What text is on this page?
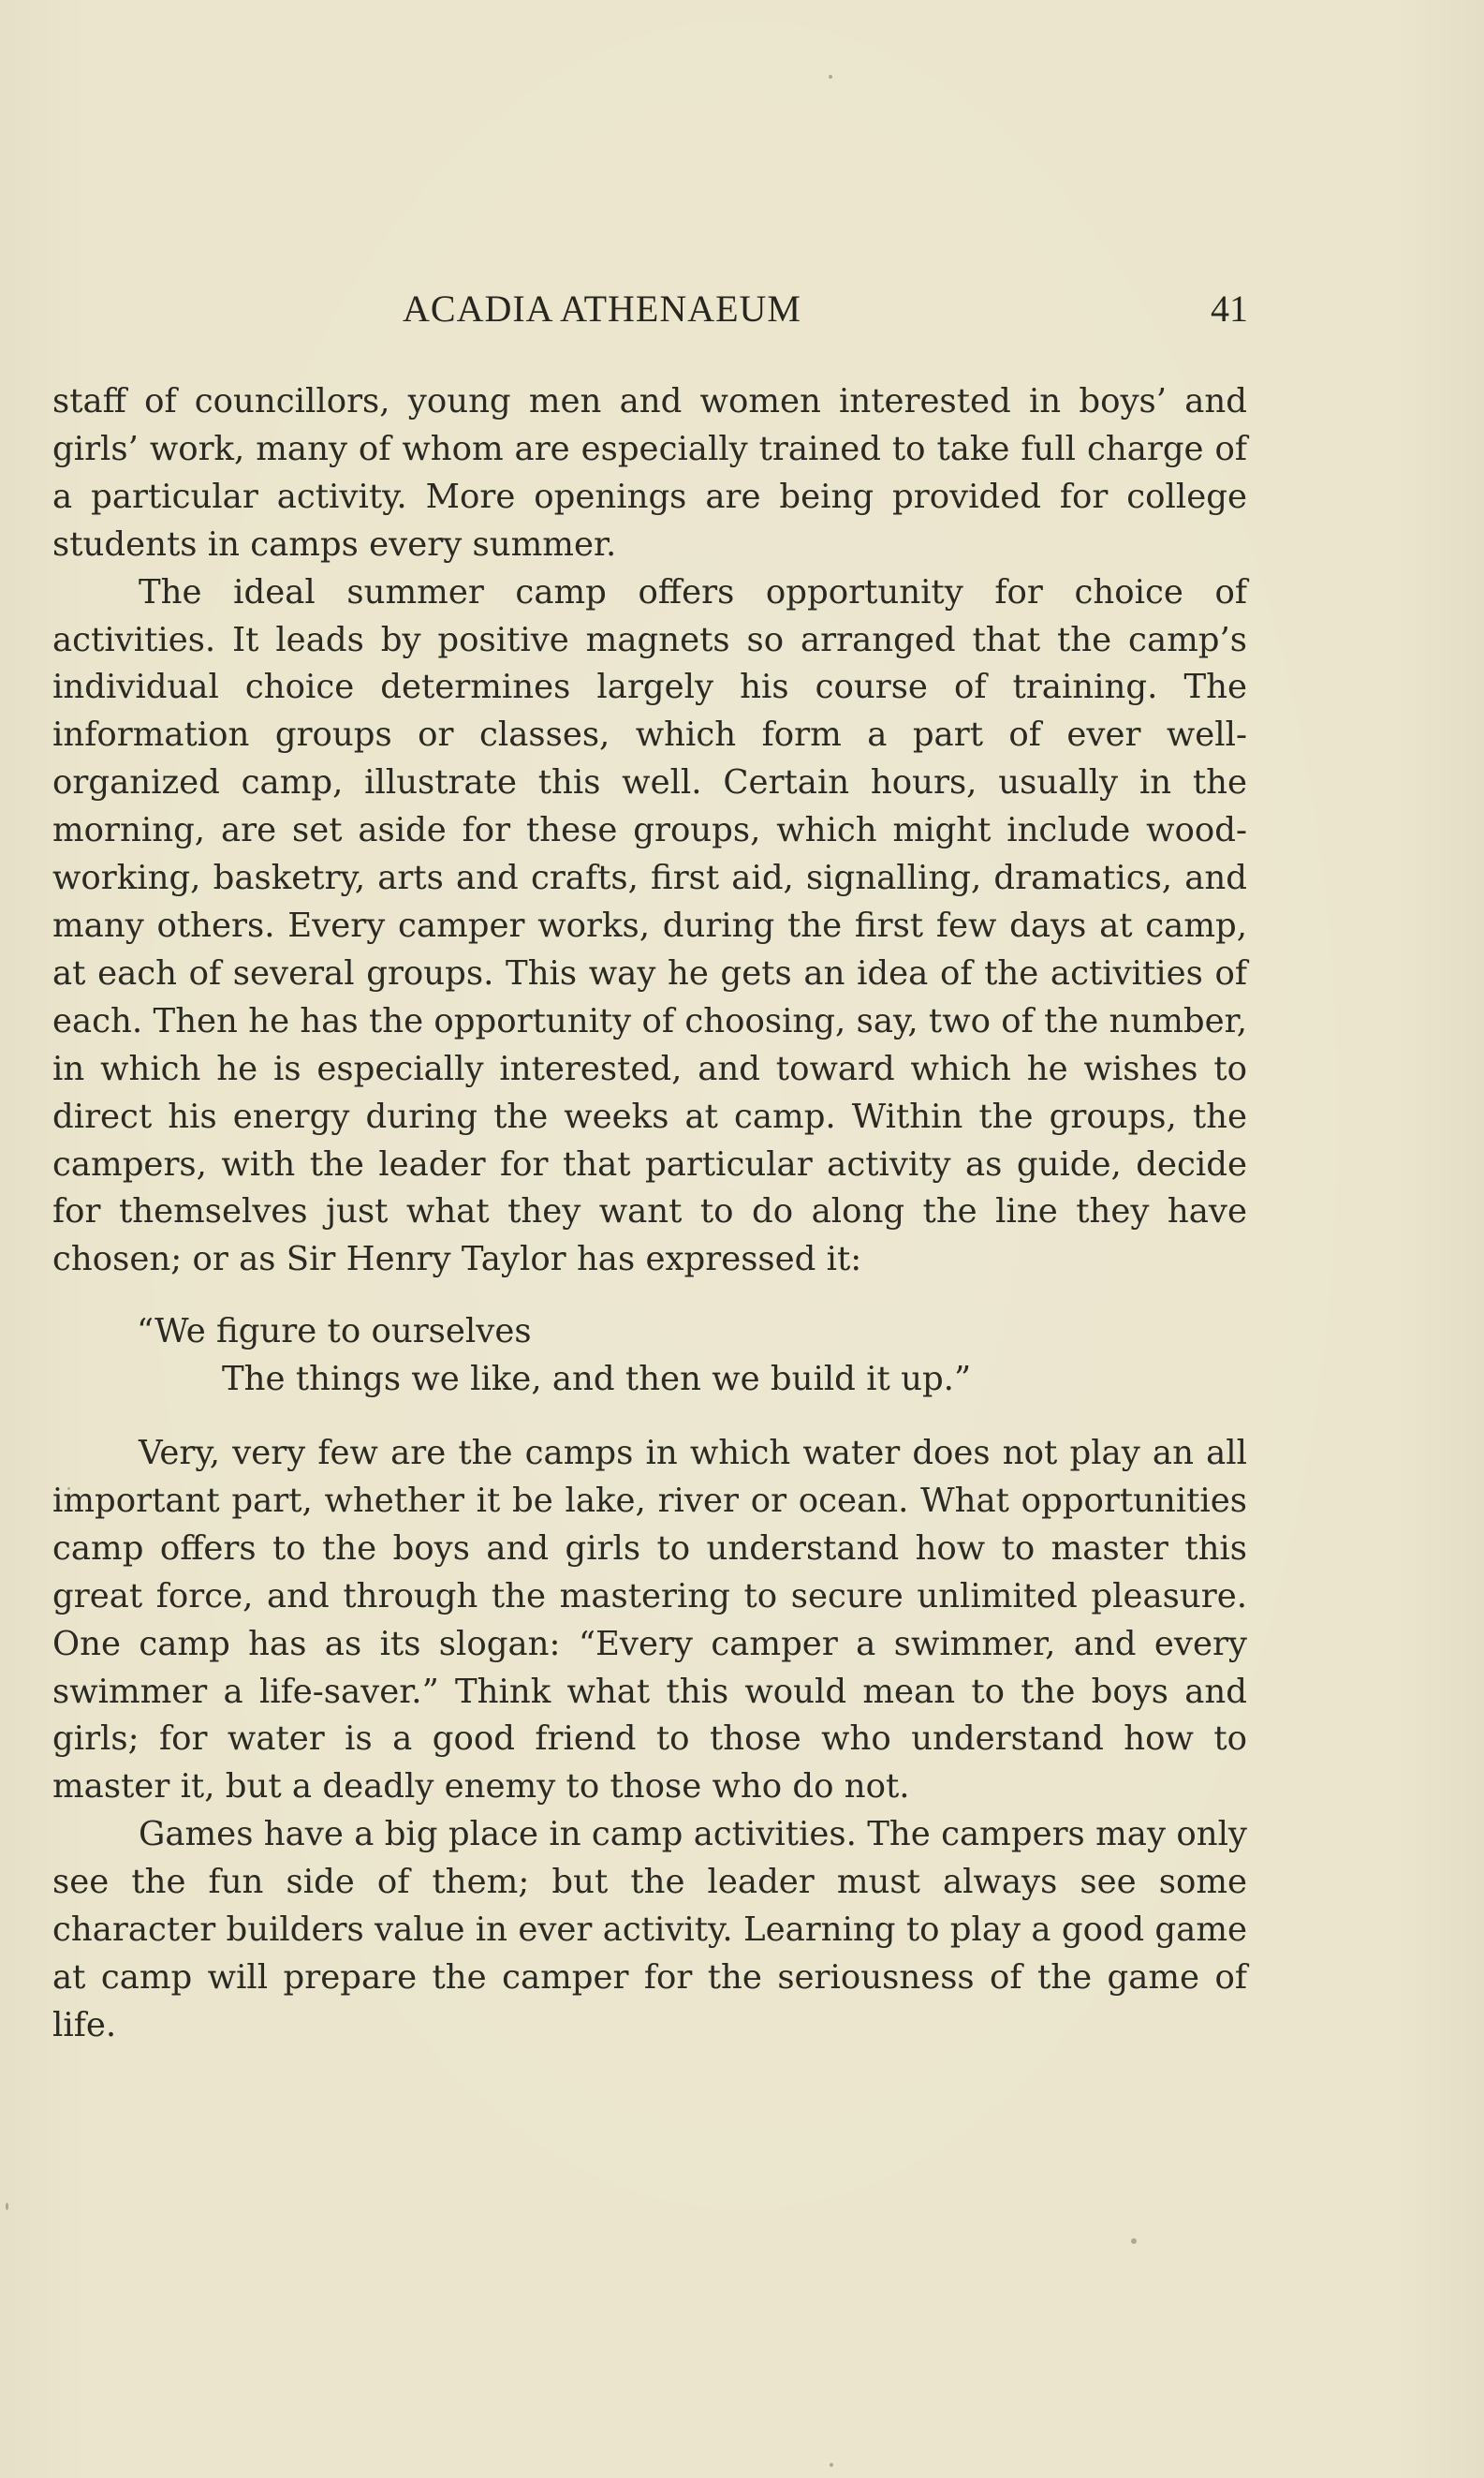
ACADIA ATHENAEUM	41

staff of councillors, young men and women interested in boys’ and girls’ work, many of whom are especially trained to take full charge of a particular activity. More openings are being provided for college students in camps every summer.

The ideal summer camp offers opportunity for choice of activities. It leads by positive magnets so arranged that the camp’s individual choice determines largely his course of training. The information groups or classes, which form a part of ever well-organized camp, illustrate this well. Certain hours, usually in the morning, are set aside for these groups, which might include wood-working, basketry, arts and crafts, first aid, signalling, dramatics, and many others. Every camper works, during the first few days at camp, at each of several groups. This way he gets an idea of the activities of each. Then he has the opportunity of choosing, say, two of the number, in which he is especially interested, and toward which he wishes to direct his energy during the weeks at camp. Within the groups, the campers, with the leader for that particular activity as guide, decide for themselves just what they want to do along the line they have chosen; or as Sir Henry Taylor has expressed it:

“We figure to ourselves
The things we like, and then we build it up.”

Very, very few are the camps in which water does not play an all important part, whether it be lake, river or ocean. What opportunities camp offers to the boys and girls to understand how to master this great force, and through the mastering to secure unlimited pleasure. One camp has as its slogan: “Every camper a swimmer, and every swimmer a life-saver.” Think what this would mean to the boys and girls; for water is a good friend to those who understand how to master it, but a deadly enemy to those who do not.

Games have a big place in camp activities. The campers may only see the fun side of them; but the leader must always see some character builders value in ever activity. Learning to play a good game at camp will prepare the camper for the seriousness of the game of life.
